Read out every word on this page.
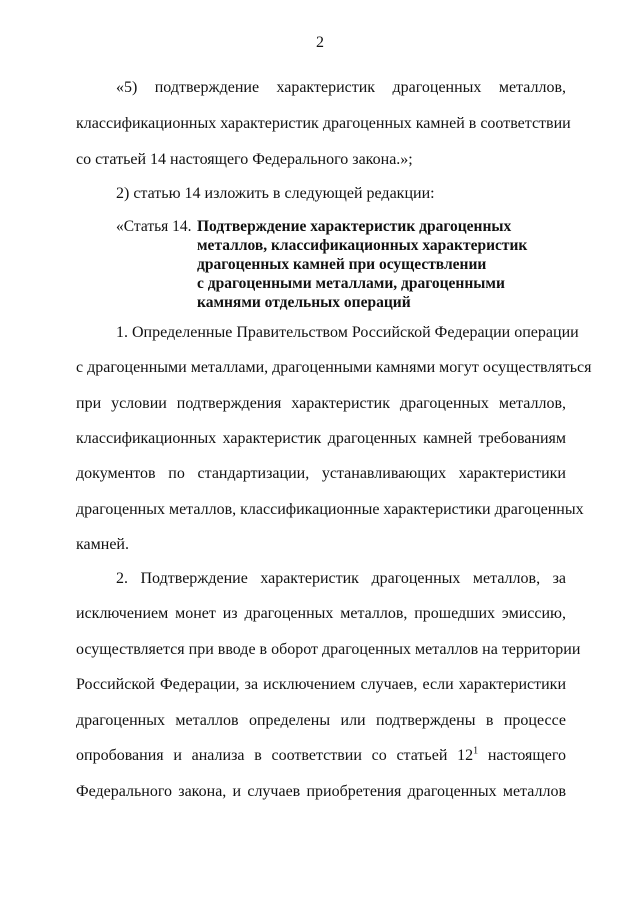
2
«5) подтверждение характеристик драгоценных металлов,
классификационных характеристик драгоценных камней в соответствии
со статьей 14 настоящего Федерального закона.»;
2) статью 14 изложить в следующей редакции:
«Статья 14. Подтверждение характеристик драгоценных
металлов, классификационных характеристик
драгоценных камней при осуществлении
с драгоценными металлами, драгоценными
камнями отдельных операций
1. Определенные Правительством Российской Федерации операции
с драгоценными металлами, драгоценными камнями могут осуществляться
при условии подтверждения характеристик драгоценных металлов,
классификационных характеристик драгоценных камней требованиям
документов по стандартизации, устанавливающих характеристики
драгоценных металлов, классификационные характеристики драгоценных
камней.
2. Подтверждение характеристик драгоценных металлов, за
исключением монет из драгоценных металлов, прошедших эмиссию,
осуществляется при вводе в оборот драгоценных металлов на территории
Российской Федерации, за исключением случаев, если характеристики
драгоценных металлов определены или подтверждены в процессе
опробования и анализа в соответствии со статьей $12^1$ настоящего
Федерального закона, и случаев приобретения драгоценных металлов
